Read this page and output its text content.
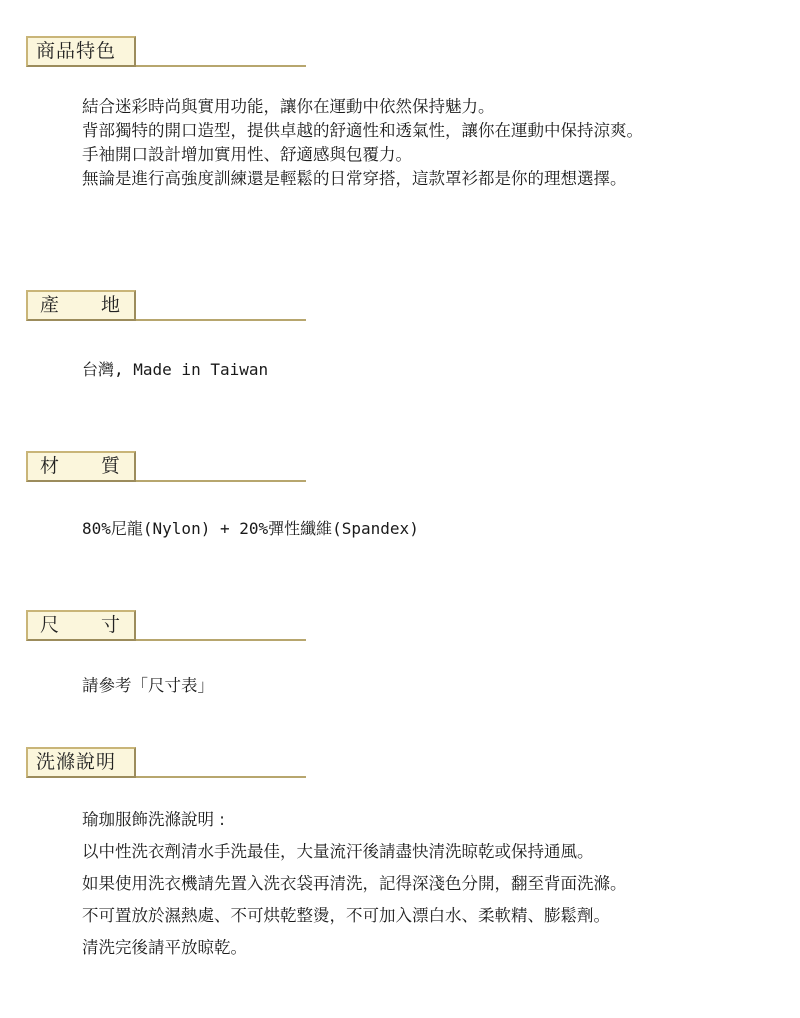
商品特色
結合迷彩時尚與實用功能，讓你在運動中依然保持魅力。
背部獨特的開口造型，提供卓越的舒適性和透氣性，讓你在運動中保持涼爽。
手袖開口設計增加實用性、舒適感與包覆力。
無論是進行高強度訓練還是輕鬆的日常穿搭，這款罩衫都是你的理想選擇。
產 地
台灣, Made in Taiwan
材 質
80%尼龍(Nylon) + 20%彈性纖維(Spandex)
尺 寸
請參考「尺寸表」
洗滌說明
瑜珈服飾洗滌說明 :
以中性洗衣劑清水手洗最佳，大量流汗後請盡快清洗晾乾或保持通風。
如果使用洗衣機請先置入洗衣袋再清洗，記得深淺色分開，翻至背面洗滌。
不可置放於濕熱處、不可烘乾整燙，不可加入漂白水、柔軟精、膨鬆劑。
清洗完後請平放晾乾。
